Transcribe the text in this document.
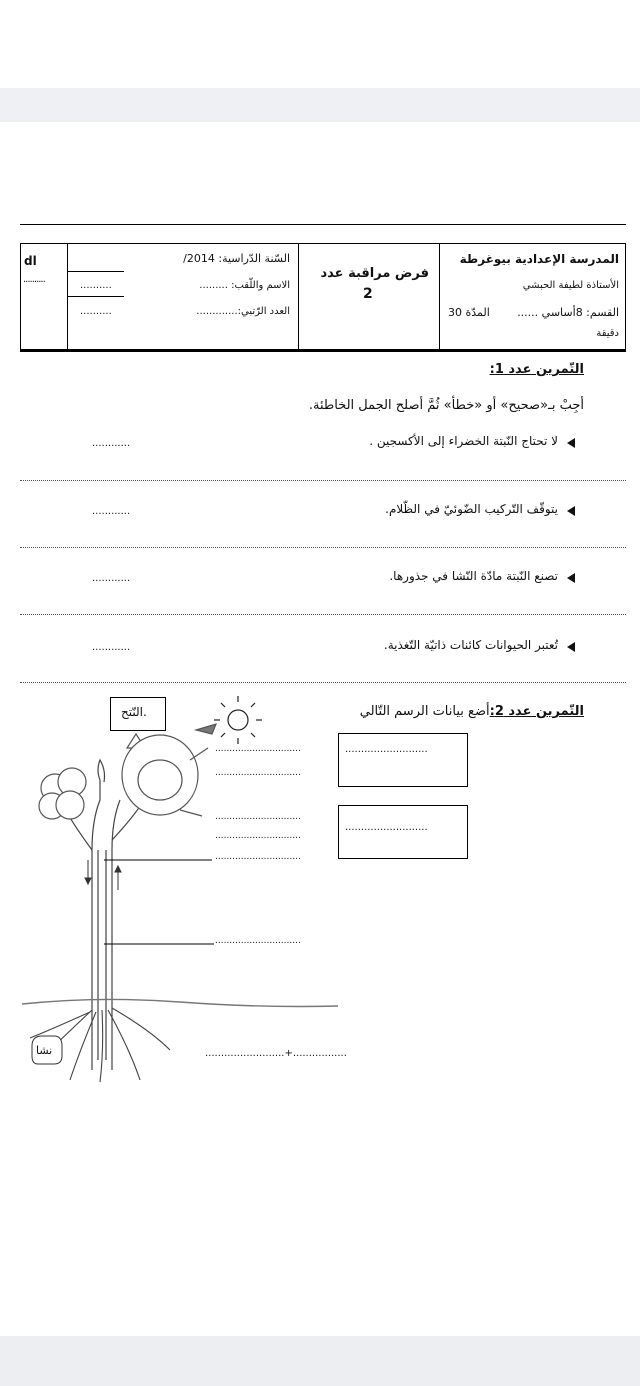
dl
..........

السّنة الدّراسية: 2014/
الاسم واللّقب: .........
العدد الرّتبي:.............
..........
..........

فرض مراقبة عدد
2

المدرسة الإعدادية بيوغرطة
الأستاذة لطيفة الحبشي
القسم: 8أساسي ......
المدّة 30
دقيقة
التّمرين عدد 1:
أجِبْ بـ«صحيح» أو «خطأ» ثُمَّ أصلح الجمل الخاطئة.
لا تحتاج النّبتة الخضراء إلى الأكسجين .
............
يتوقّف التّركيب الضّوئيّ في الظّلام.
............
تصنع النّبتة مادّة النّشا في جذورها.
............
تُعتبر الحيوانات كائنات ذاتيّة التّغذية.
............
التّمرين عدد 2:أضع بيانات الرسم التّالي
..........................
..........................
..............................
..............................
..............................
..............................
..............................
..............................
.........................+.................
النّتح.
نشا
